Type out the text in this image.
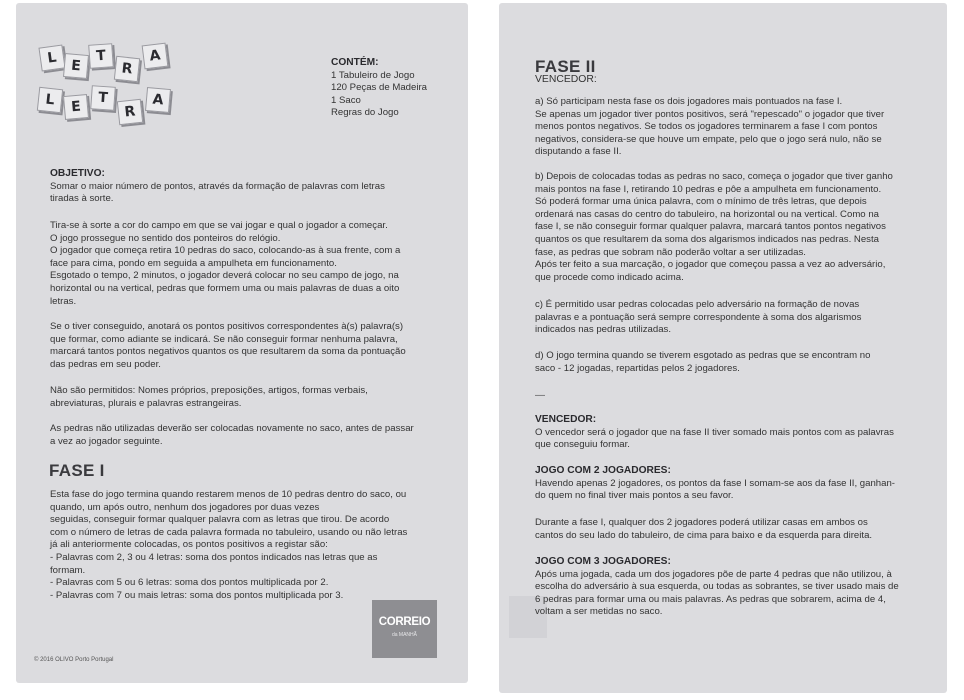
L E
T
R
A
L	E
T
R
A

CONTÉM:

1 Tabuleiro de Jogo

120 Peças de Madeira

1 Saco

Regras do Jogo

OBJETIVO:

Somar o maior número de pontos, através da formação de palavras com letras

tiradas à sorte.

Tira-se à sorte a cor do campo em que se vai jogar e qual o jogador a começar.

O jogo prossegue no sentido dos ponteiros do relógio.

O jogador que começa retira 10 pedras do saco, colocando-as à sua frente, com a

face para cima, pondo em seguida a ampulheta em funcionamento.

Esgotado o tempo, 2 minutos, o jogador deverá colocar no seu campo de jogo, na

horizontal ou na vertical, pedras que formem uma ou mais palavras de duas a oito

letras.

Se o tiver conseguido, anotará os pontos positivos correspondentes à(s) palavra(s)

que formar, como adiante se indicará. Se não conseguir formar nenhuma palavra,

marcará tantos pontos negativos quantos os que resultarem da soma da pontuação

das pedras em seu poder.

Não são permitidos: Nomes próprios, preposições, artigos, formas verbais,

abreviaturas, plurais e palavras estrangeiras.

As pedras não utilizadas deverão ser colocadas novamente no saco, antes de passar

a vez ao jogador seguinte.

FASE I

Esta fase do jogo termina quando restarem menos de 10 pedras dentro do saco, ou

quando, um após outro, nenhum dos jogadores por duas vezes

seguidas, conseguir formar qualquer palavra com as letras que tirou. De acordo

com o número de letras de cada palavra formada no tabuleiro, usando ou não letras

já ali anteriormente colocadas, os pontos positivos a registar são:

- Palavras com 2, 3 ou 4 letras: soma dos pontos indicados nas letras que as

formam.

- Palavras com 5 ou 6 letras: soma dos pontos multiplicada por 2.

- Palavras com 7 ou mais letras: soma dos pontos multiplicada por 3.

CORREIO
da MANHÃ
© 2016 OLIVO Porto Portugal
FASE II
VENCEDOR:

a) Só participam nesta fase os dois jogadores mais pontuados na fase I.

Se apenas um jogador tiver pontos positivos, será "repescado" o jogador que tiver

menos pontos negativos. Se todos os jogadores terminarem a fase I com pontos

negativos, considera-se que houve um empate, pelo que o jogo será nulo, não se

disputando a fase II.

b) Depois de colocadas todas as pedras no saco, começa o jogador que tiver ganho

mais pontos na fase I, retirando 10 pedras e pôe a ampulheta em funcionamento.

Só poderá formar uma única palavra, com o mínimo de três letras, que depois

ordenará nas casas do centro do tabuleiro, na horizontal ou na vertical. Como na

fase I, se não conseguir formar qualquer palavra, marcará tantos pontos negativos

quantos os que resultarem da soma dos algarismos indicados nas pedras. Nesta

fase, as pedras que sobram não poderão voltar a ser utilizadas.

Após ter feito a sua marcação, o jogador que começou passa a vez ao adversário,

que procede como indicado acima.

c) É permitido usar pedras colocadas pelo adversário na formação de novas

palavras e a pontuação será sempre correspondente à soma dos algarismos

indicados nas pedras utilizadas.

d) O jogo termina quando se tiverem esgotado as pedras que se encontram no

saco - 12 jogadas, repartidas pelos 2 jogadores.

—

VENCEDOR:

O vencedor será o jogador que na fase II tiver somado mais pontos com as palavras

que conseguiu formar.

JOGO COM 2 JOGADORES:

Havendo apenas 2 jogadores, os pontos da fase I somam-se aos da fase II, ganhan-

do quem no final tiver mais pontos a seu favor.

Durante a fase I, qualquer dos 2 jogadores poderá utilizar casas em ambos os

cantos do seu lado do tabuleiro, de cima para baixo e da esquerda para direita.

JOGO COM 3 JOGADORES:

Após uma jogada, cada um dos jogadores põe de parte 4 pedras que não utilizou, à

escolha do adversário à sua esquerda, ou todas as sobrantes, se tiver usado mais de

6 pedras para formar uma ou mais palavras. As pedras que sobrarem, acima de 4,

voltam a ser metidas no saco.
